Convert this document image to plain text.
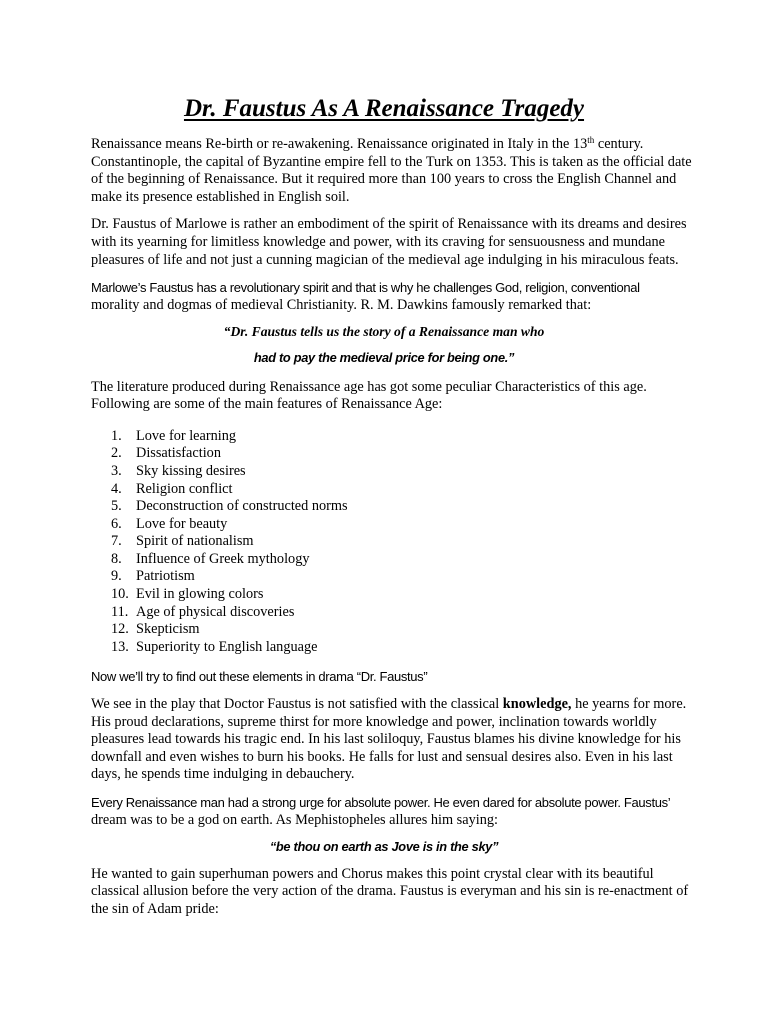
Dr. Faustus As A Renaissance Tragedy
Renaissance means Re-birth or re-awakening. Renaissance originated in Italy in the 13th century.
Constantinople, the capital of Byzantine empire fell to the Turk on 1353. This is taken as the official date
of the beginning of Renaissance. But it required more than 100 years to cross the English Channel and
make its presence established in English soil.
Dr. Faustus of Marlowe is rather an embodiment of the spirit of Renaissance with its dreams and desires
with its yearning for limitless knowledge and power, with its craving for sensuousness and mundane
pleasures of life and not just a cunning magician of the medieval age indulging in his miraculous feats.
Marlowe’s Faustus has a revolutionary spirit and that is why he challenges God, religion, conventional
morality and dogmas of medieval Christianity. R. M. Dawkins famously remarked that:

“Dr. Faustus tells us the story of a Renaissance man who

had to pay the medieval price for being one.”

The literature produced during Renaissance age has got some peculiar Characteristics of this age.
Following are some of the main features of Renaissance Age:
1. Love for learning
2. Dissatisfaction
3. Sky kissing desires
4. Religion conflict
5. Deconstruction of constructed norms
6. Love for beauty
7. Spirit of nationalism
8. Influence of Greek mythology
9. Patriotism
10. Evil in glowing colors
11. Age of physical discoveries
12. Skepticism
13. Superiority to English language
Now we’ll try to find out these elements in drama “Dr. Faustus”
We see in the play that Doctor Faustus is not satisfied with the classical knowledge, he yearns for more.
His proud declarations, supreme thirst for more knowledge and power, inclination towards worldly
pleasures lead towards his tragic end. In his last soliloquy, Faustus blames his divine knowledge for his
downfall and even wishes to burn his books. He falls for lust and sensual desires also. Even in his last
days, he spends time indulging in debauchery.
Every Renaissance man had a strong urge for absolute power. He even dared for absolute power. Faustus’
dream was to be a god on earth. As Mephistopheles allures him saying:

“be thou on earth as Jove is in the sky”

He wanted to gain superhuman powers and Chorus makes this point crystal clear with its beautiful
classical allusion before the very action of the drama. Faustus is everyman and his sin is re-enactment of
the sin of Adam pride:
